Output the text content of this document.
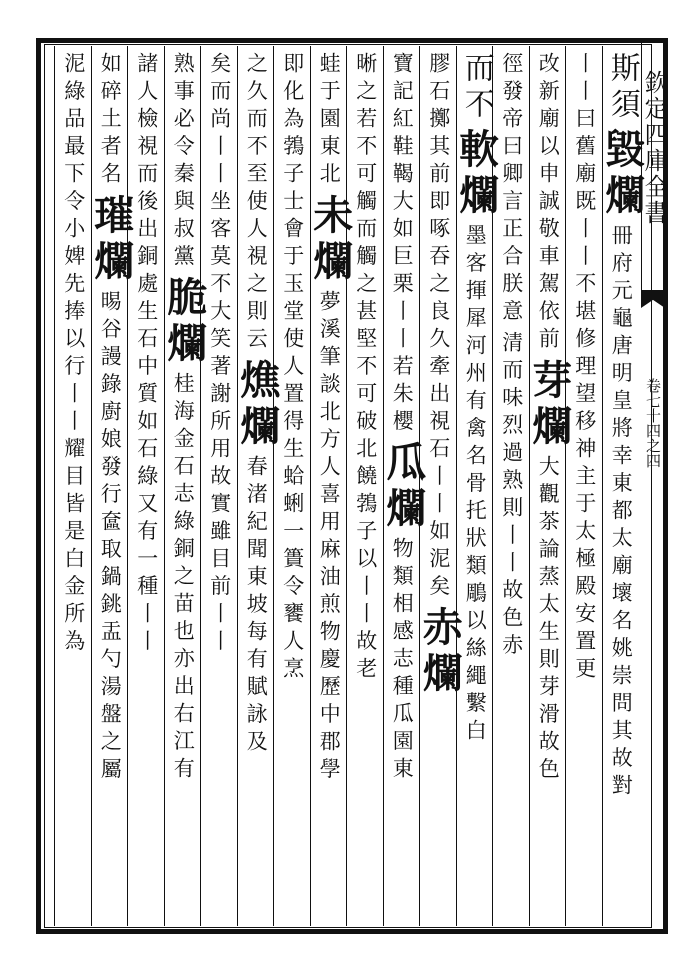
欽定四庫全書
卷七十四之四
斯須
毀爛
冊府元龜唐明皇將幸東都太廟壞名姚崇問其故對
丨丨曰舊廟既丨丨不堪修理望移神主于太極殿安置更
改新廟以申誠敬車駕依前
芽爛
大觀茶論蒸太生則芽滑故色
徑發帝曰卿言正合朕意
清而味烈過熟則丨丨故色赤
而不
軟爛
墨客揮犀河州有禽名骨托狀類鵰以絲繩繫白
膠石擲其前即啄吞之良久牽出視石丨丨如泥矣
赤爛
寶記紅鞋鞨大如巨栗丨丨若朱櫻
瓜爛
物類相感志種瓜園東
晰之若不可觸而觸之甚堅不可破北饒鵓子以丨丨故老
蛙于園東北
未爛
夢溪筆談北方人喜用麻油煎物慶歷中郡學
即化為鵓子士會于玉堂使人置得生蛤蜊一簣令饔人烹
之久而不至使人視之則云
燋爛
春渚紀聞東坡每有賦詠及
矣而尚丨丨坐客莫不大笑著謝所用故實雖目前丨丨
熟事必令秦與叔黨
脆爛
桂海金石志綠銅之苗也亦出右江有
諸人檢視而後出銅處生石中質如石綠又有一種丨丨
如碎土者名
璀爛
晹谷謾錄廚娘發行奩取鍋銚盂勺湯盤之屬
泥綠品最下令小婢先捧以行丨丨耀目皆是白金所為
